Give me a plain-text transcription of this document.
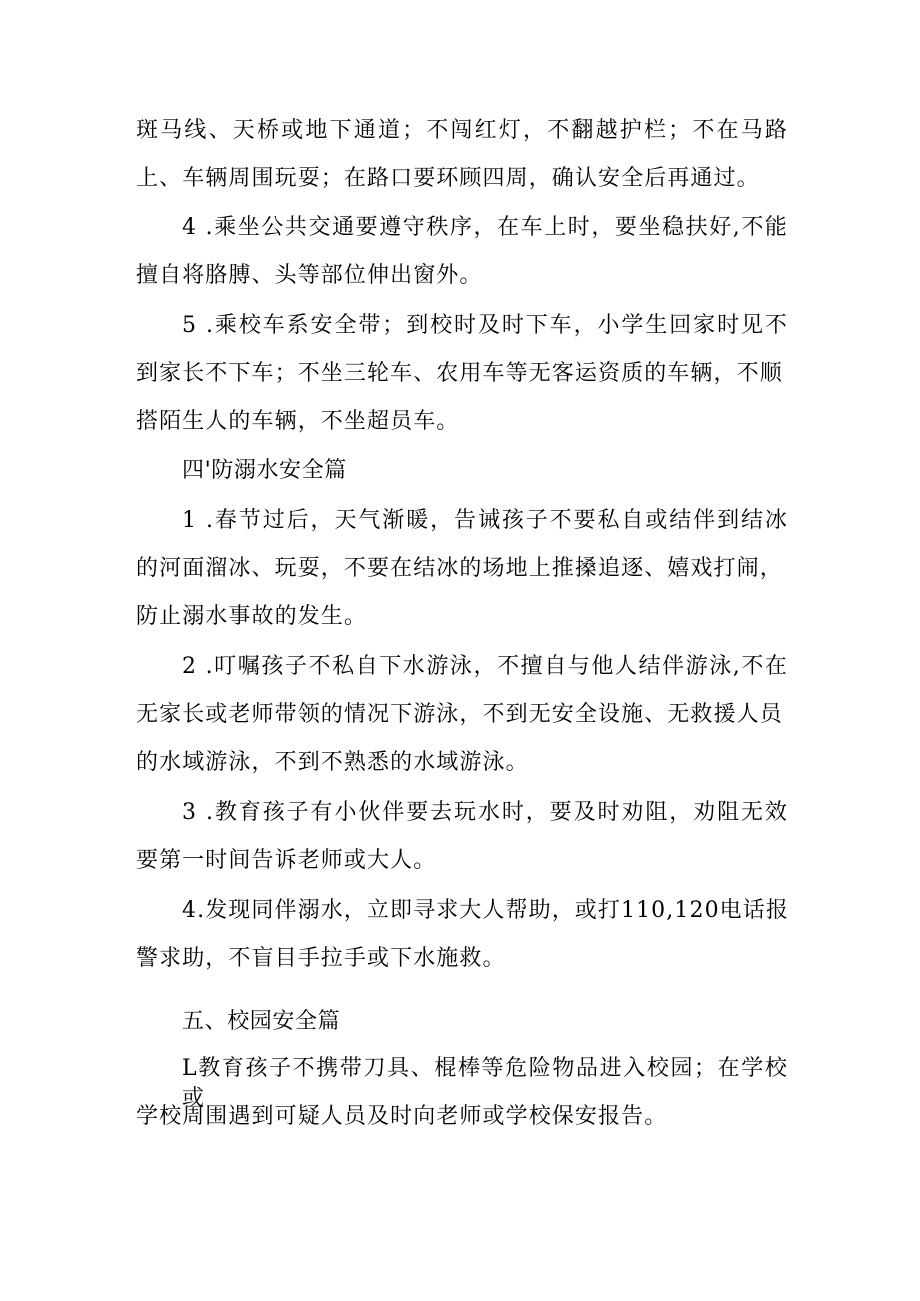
斑马线、天桥或地下通道；不闯红灯，不翻越护栏；不在马路
上、车辆周围玩耍；在路口要环顾四周，确认安全后再通过。
4 .乘坐公共交通要遵守秩序，在车上时，要坐稳扶好,不能
擅自将胳膊、头等部位伸出窗外。
5 .乘校车系安全带；到校时及时下车，小学生回家时见不
到家长不下车；不坐三轮车、农用车等无客运资质的车辆，不顺
搭陌生人的车辆，不坐超员车。
四'防溺水安全篇
1 .春节过后，天气渐暖，告诫孩子不要私自或结伴到结冰
的河面溜冰、玩耍，不要在结冰的场地上推搡追逐、嬉戏打闹，
防止溺水事故的发生。
2 .叮嘱孩子不私自下水游泳，不擅自与他人结伴游泳,不在
无家长或老师带领的情况下游泳，不到无安全设施、无救援人员
的水域游泳，不到不熟悉的水域游泳。
3 .教育孩子有小伙伴要去玩水时，要及时劝阻，劝阻无效
要第一时间告诉老师或大人。
4.发现同伴溺水，立即寻求大人帮助，或打110,120电话报
警求助，不盲目手拉手或下水施救。
五、校园安全篇
L教育孩子不携带刀具、棍棒等危险物品进入校园；在学校或
学校周围遇到可疑人员及时向老师或学校保安报告。
